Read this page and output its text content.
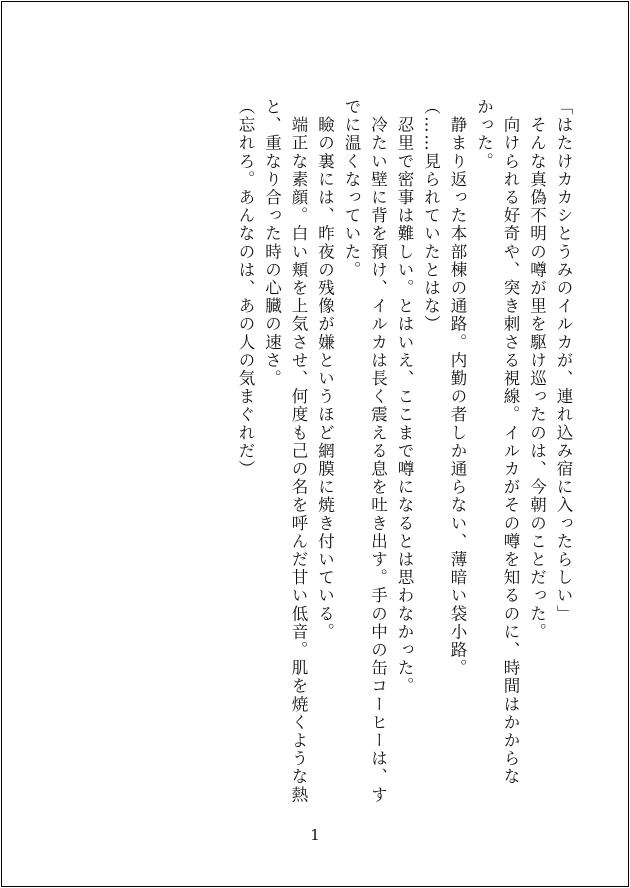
「はたけカカシとうみのイルカが、連れ込み宿に入ったらしい」

　そんな真偽不明の噂が里を駆け巡ったのは、今朝のことだった。

　向けられる好奇や、突き刺さる視線。イルカがその噂を知るのに、時間はかからな

かった。

　静まり返った本部棟の通路。内勤の者しか通らない、薄暗い袋小路。

（……見られていたとはな）

　忍里で密事は難しい。とはいえ、ここまで噂になるとは思わなかった。

　冷たい壁に背を預け、イルカは長く震える息を吐き出す。手の中の缶コーヒーは、す

でに温くなっていた。

　瞼の裏には、昨夜の残像が嫌というほど網膜に焼き付いている。

　端正な素顔。白い頬を上気させ、何度も己の名を呼んだ甘い低音。肌を焼くような熱

と、重なり合った時の心臓の速さ。

（忘れろ。あんなのは、あの人の気まぐれだ）

1
